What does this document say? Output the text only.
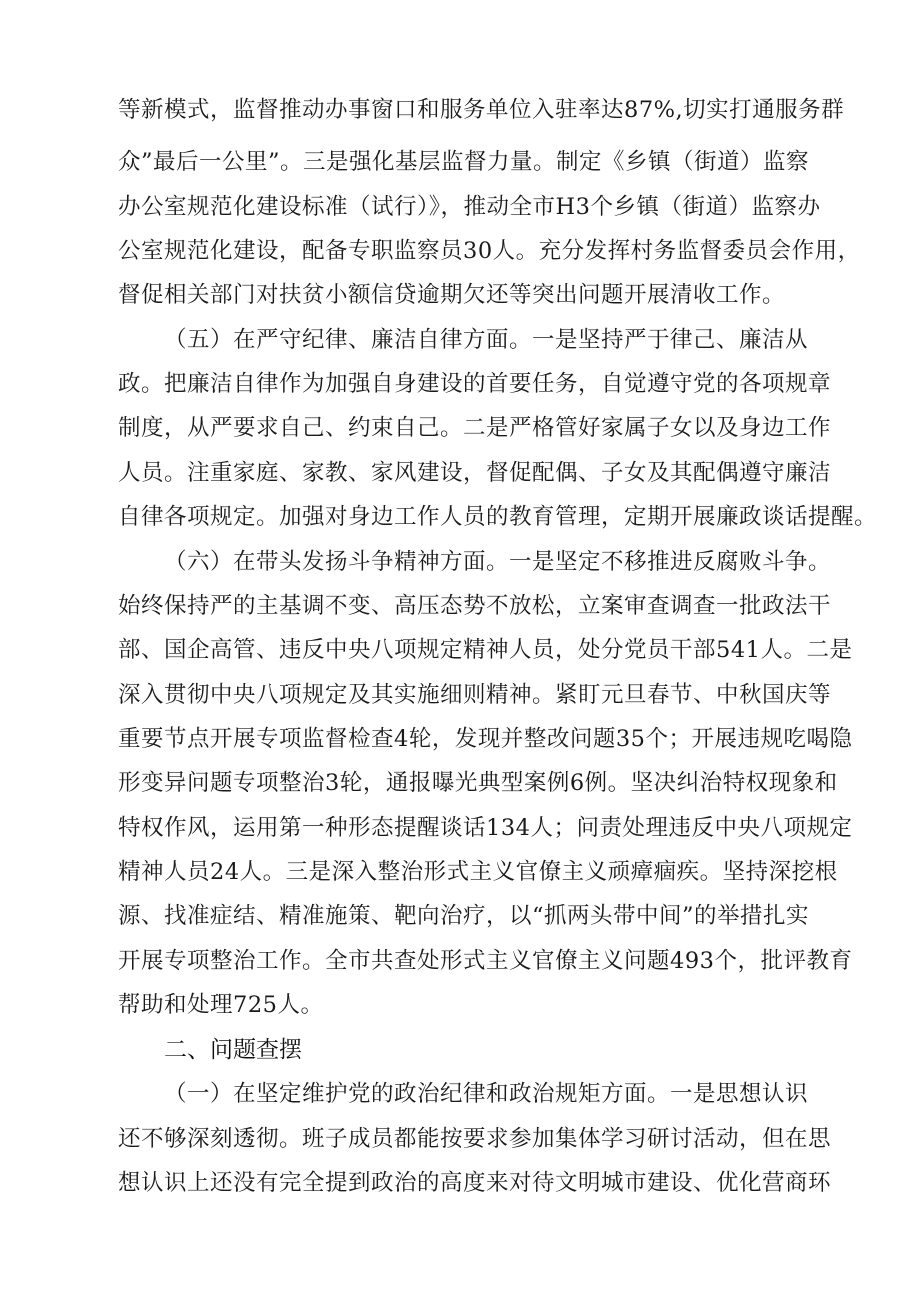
等新模式，监督推动办事窗口和服务单位入驻率达87%,切实打通服务群
众”最后一公里”。三是强化基层监督力量。制定《乡镇（街道）监察
办公室规范化建设标准（试行）》，推动全市H3个乡镇（街道）监察办
公室规范化建设，配备专职监察员30人。充分发挥村务监督委员会作用，
督促相关部门对扶贫小额信贷逾期欠还等突出问题开展清收工作。
（五）在严守纪律、廉洁自律方面。一是坚持严于律己、廉洁从
政。把廉洁自律作为加强自身建设的首要任务，自觉遵守党的各项规章
制度，从严要求自己、约束自己。二是严格管好家属子女以及身边工作
人员。注重家庭、家教、家风建设，督促配偶、子女及其配偶遵守廉洁
自律各项规定。加强对身边工作人员的教育管理，定期开展廉政谈话提醒。
（六）在带头发扬斗争精神方面。一是坚定不移推进反腐败斗争。
始终保持严的主基调不变、高压态势不放松，立案审查调查一批政法干
部、国企高管、违反中央八项规定精神人员，处分党员干部541人。二是
深入贯彻中央八项规定及其实施细则精神。紧盯元旦春节、中秋国庆等
重要节点开展专项监督检查4轮，发现并整改问题35个；开展违规吃喝隐
形变异问题专项整治3轮，通报曝光典型案例6例。坚决纠治特权现象和
特权作风，运用第一种形态提醒谈话134人；问责处理违反中央八项规定
精神人员24人。三是深入整治形式主义官僚主义顽瘴痼疾。坚持深挖根
源、找准症结、精准施策、靶向治疗，以“抓两头带中间”的举措扎实
开展专项整治工作。全市共查处形式主义官僚主义问题493个，批评教育
帮助和处理725人。
二、问题查摆
（一）在坚定维护党的政治纪律和政治规矩方面。一是思想认识
还不够深刻透彻。班子成员都能按要求参加集体学习研讨活动，但在思
想认识上还没有完全提到政治的高度来对待文明城市建设、优化营商环
